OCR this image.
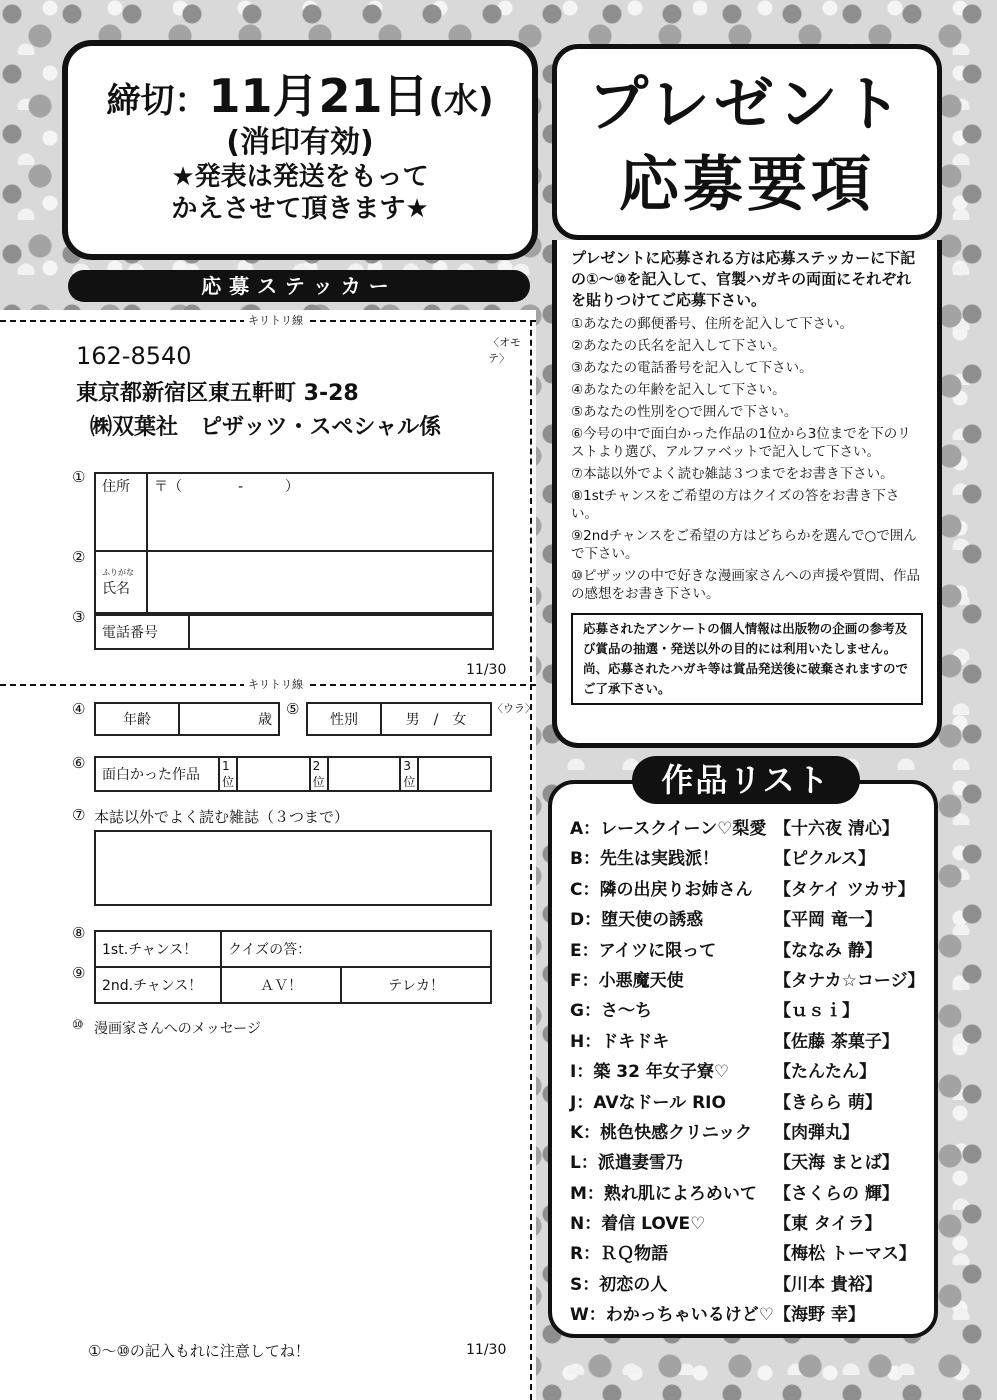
締切：11月21日(水)
(消印有効)
★発表は発送をもって
かえさせて頂きます★
応募ステッカー
キリトリ線
〈オモテ〉
162-8540
東京都新宿区東五軒町 3-28
㈱双葉社　ピザッツ・スペシャル係
①
②
③
住所	〒（　　　　-　　　）

ふりがな
氏名	
電話番号	
11/30
キリトリ線
〈ウラ〉
④
年齢	歳
⑤
性別	男　/　女
⑥
面白かった作品	1位		2位		3位	
⑦ 本誌以外でよく読む雑誌（３つまで）
⑧
⑨
1st.チャンス！	クイズの答：	
2nd.チャンス！	ＡＶ！	テレカ！
⑩ 漫画家さんへのメッセージ
①～⑩の記入もれに注意してね！	11/30
プレゼント
応募要項
プレゼントに応募される方は応募ステッカーに下記の①～⑩を記入して、官製ハガキの両面にそれぞれを貼りつけてご応募下さい。
①あなたの郵便番号、住所を記入して下さい。
②あなたの氏名を記入して下さい。
③あなたの電話番号を記入して下さい。
④あなたの年齢を記入して下さい。
⑤あなたの性別を○で囲んで下さい。
⑥今号の中で面白かった作品の1位から3位までを下のリストより選び、アルファベットで記入して下さい。
⑦本誌以外でよく読む雑誌３つまでをお書き下さい。
⑧1stチャンスをご希望の方はクイズの答をお書き下さい。
⑨2ndチャンスをご希望の方はどちらかを選んで○で囲んで下さい。
⑩ピザッツの中で好きな漫画家さんへの声援や質問、作品の感想をお書き下さい。
応募されたアンケートの個人情報は出版物の企画の参考及び賞品の抽選・発送以外の目的には利用いたしません。尚、応募されたハガキ等は賞品発送後に破棄されますのでご了承下さい。
作品リスト
A：レースクイーン♡梨愛 【十六夜 清心】
B：先生は実践派！	【ピクルス】
C：隣の出戻りお姉さん 【タケイ ツカサ】
D：堕天使の誘惑	【平岡 竜一】
E：アイツに限って	【ななみ 静】
F：小悪魔天使	【タナカ☆コージ】
G：さ～ち	【ｕｓｉ】
H：ドキドキ	【佐藤 茶菓子】
I：築 32 年女子寮♡	【たんたん】
J：AVなドール RIO	【きらら 萌】
K：桃色快感クリニック 【肉弾丸】
L：派遣妻雪乃	【天海 まとば】
M：熟れ肌によろめいて 【さくらの 輝】
N：着信 LOVE♡	【東 タイラ】
R：ＲＱ物語	【梅松 トーマス】
S：初恋の人	【川本 貴裕】
W：わかっちゃいるけど♡ 【海野 幸】
